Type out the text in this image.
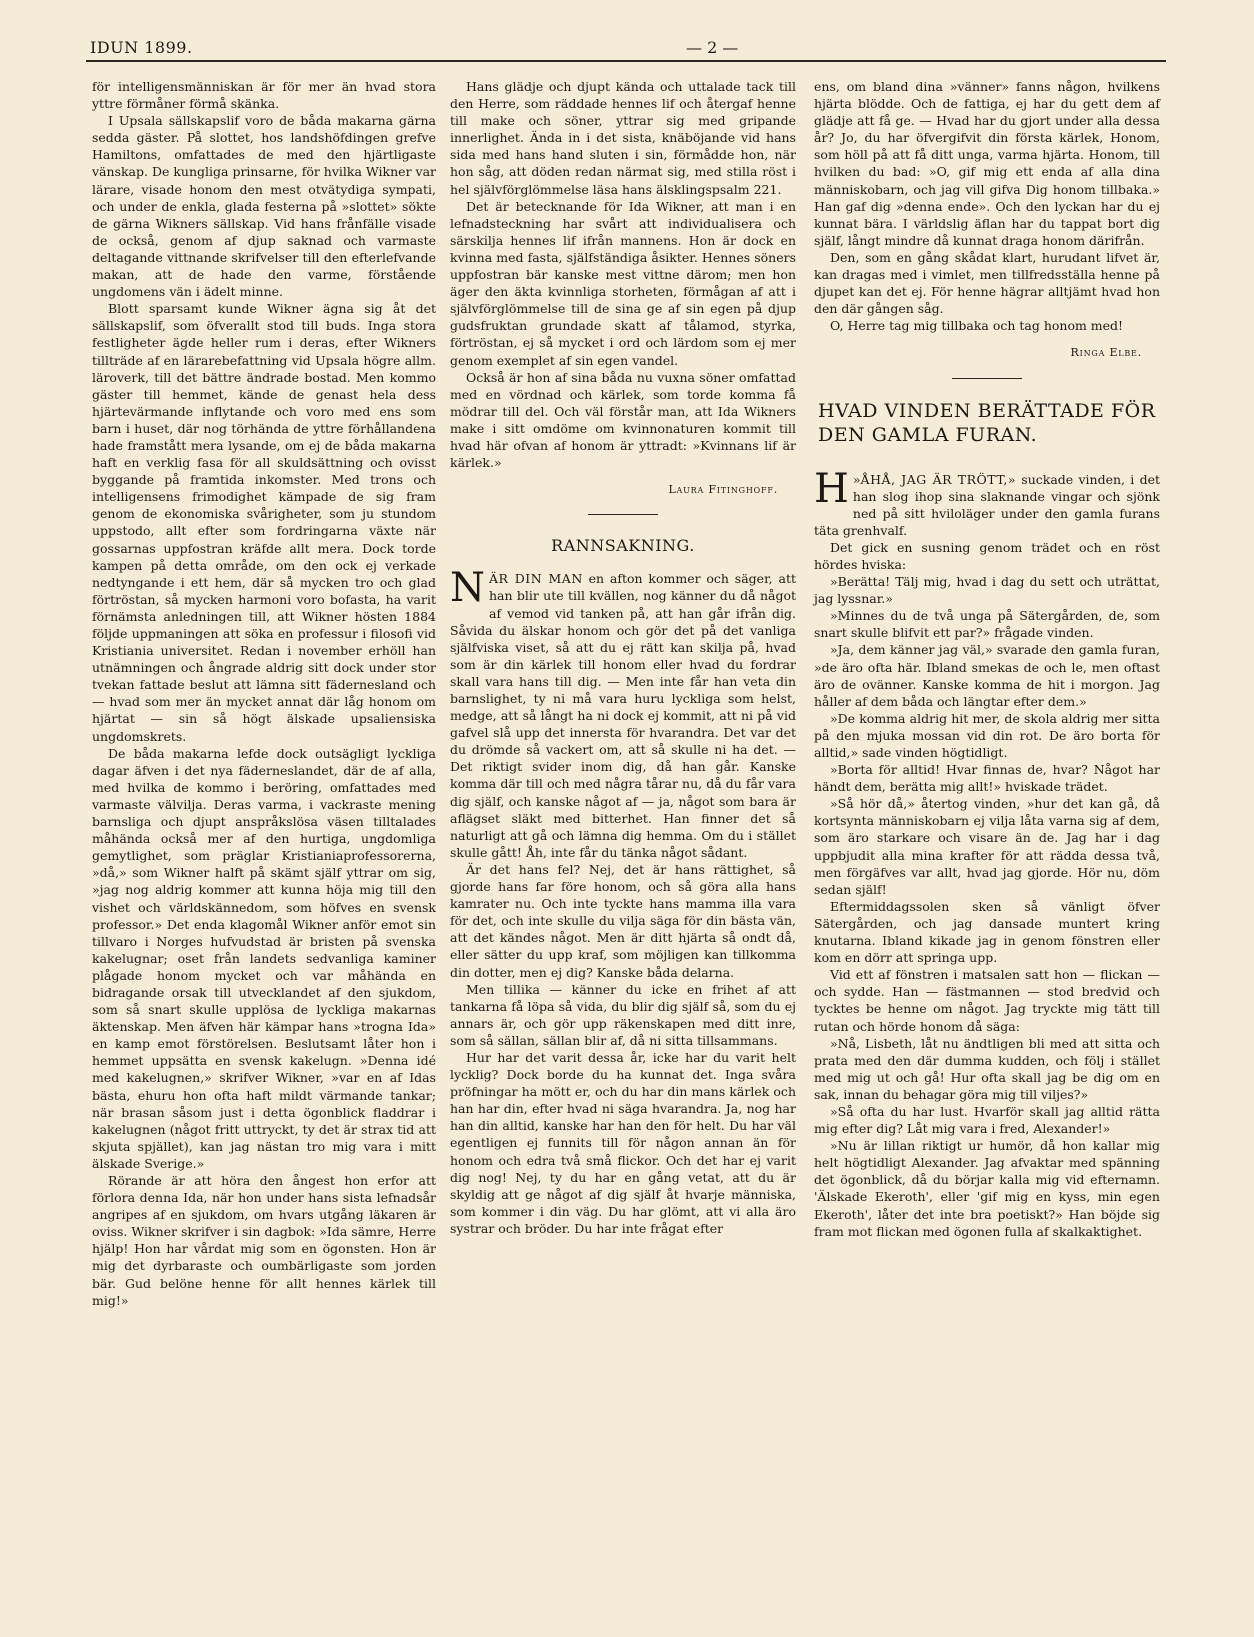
IDUN 1899.	— 2 —

för intelligensmänniskan är för mer än hvad stora yttre förmåner förmå skänka.

I Upsala sällskapslif voro de båda makarna gärna sedda gäster. På slottet, hos landshöfdingen grefve Hamiltons, omfattades de med den hjärtligaste vänskap. De kungliga prinsarne, för hvilka Wikner var lärare, visade honom den mest otvätydiga sympati, och under de enkla, glada festerna på »slottet» sökte de gärna Wikners sällskap. Vid hans frånfälle visade de också, genom af djup saknad och varmaste deltagande vittnande skrifvelser till den efterlefvande makan, att de hade den varme, förstående ungdomens vän i ädelt minne.

Blott sparsamt kunde Wikner ägna sig åt det sällskapslif, som öfverallt stod till buds. Inga stora festligheter ägde heller rum i deras, efter Wikners tillträde af en lärarebefattning vid Upsala högre allm. läroverk, till det bättre ändrade bostad. Men kommo gäster till hemmet, kände de genast hela dess hjärtevärmande inflytande och voro med ens som barn i huset, där nog törhända de yttre förhållandena hade framstått mera lysande, om ej de båda makarna haft en verklig fasa för all skuldsättning och ovisst byggande på framtida inkomster. Med trons och intelligensens frimodighet kämpade de sig fram genom de ekonomiska svårigheter, som ju stundom uppstodo, allt efter som fordringarna växte när gossarnas uppfostran kräfde allt mera. Dock torde kampen på detta område, om den ock ej verkade nedtyngande i ett hem, där så mycken tro och glad förtröstan, så mycken harmoni voro bofasta, ha varit förnämsta anledningen till, att Wikner hösten 1884 följde uppmaningen att söka en professur i filosofi vid Kristiania universitet. Redan i november erhöll han utnämningen och ångrade aldrig sitt dock under stor tvekan fattade beslut att lämna sitt fädernesland och — hvad som mer än mycket annat där låg honom om hjärtat — sin så högt älskade upsaliensiska ungdomskrets.

De båda makarna lefde dock outsägligt lyckliga dagar äfven i det nya fäderneslandet, där de af alla, med hvilka de kommo i beröring, omfattades med varmaste välvilja. Deras varma, i vackraste mening barnsliga och djupt anspråkslösa väsen tilltalades måhända också mer af den hurtiga, ungdomliga gemytlighet, som präglar Kristianiaprofessorerna, »då,» som Wikner halft på skämt själf yttrar om sig, »jag nog aldrig kommer att kunna höja mig till den vishet och världskännedom, som höfves en svensk professor.» Det enda klagomål Wikner anför emot sin tillvaro i Norges hufvudstad är bristen på svenska kakelugnar; oset från landets sedvanliga kaminer plågade honom mycket och var måhända en bidragande orsak till utvecklandet af den sjukdom, som så snart skulle upplösa de lyckliga makarnas äktenskap. Men äfven här kämpar hans »trogna Ida» en kamp emot förstörelsen. Beslutsamt låter hon i hemmet uppsätta en svensk kakelugn. »Denna idé med kakelugnen,» skrifver Wikner, »var en af Idas bästa, ehuru hon ofta haft mildt värmande tankar; när brasan såsom just i detta ögonblick fladdrar i kakelugnen (något fritt uttryckt, ty det är strax tid att skjuta spjället), kan jag nästan tro mig vara i mitt älskade Sverige.»

Rörande är att höra den ångest hon erfor att förlora denna Ida, när hon under hans sista lefnadsår angripes af en sjukdom, om hvars utgång läkaren är oviss. Wikner skrifver i sin dagbok: »Ida sämre, Herre hjälp! Hon har vårdat mig som en ögonsten. Hon är mig det dyrbaraste och oumbärligaste som jorden bär. Gud belöne henne för allt hennes kärlek till mig!»

Hans glädje och djupt kända och uttalade tack till den Herre, som räddade hennes lif och återgaf henne till make och söner, yttrar sig med gripande innerlighet. Ända in i det sista, knäböjande vid hans sida med hans hand sluten i sin, förmådde hon, när hon såg, att döden redan närmat sig, med stilla röst i hel självförglömmelse läsa hans älsklingspsalm 221.

Det är betecknande för Ida Wikner, att man i en lefnadsteckning har svårt att individualisera och särskilja hennes lif ifrån mannens. Hon är dock en kvinna med fasta, själfständiga åsikter. Hennes söners uppfostran bär kanske mest vittne därom; men hon äger den äkta kvinnliga storheten, förmågan af att i självförglömmelse till de sina ge af sin egen på djup gudsfruktan grundade skatt af tålamod, styrka, förtröstan, ej så mycket i ord och lärdom som ej mer genom exemplet af sin egen vandel.

Också är hon af sina båda nu vuxna söner omfattad med en vördnad och kärlek, som torde komma få mödrar till del. Och väl förstår man, att Ida Wikners make i sitt omdöme om kvinnonaturen kommit till hvad här ofvan af honom är yttradt: »Kvinnans lif är kärlek.»

Laura Fitinghoff.
RANNSAKNING.

NÄR DIN MAN en afton kommer och säger, att han blir ute till kvällen, nog känner du då något af vemod vid tanken på, att han går ifrån dig. Såvida du älskar honom och gör det på det vanliga själfviska viset, så att du ej rätt kan skilja på, hvad som är din kärlek till honom eller hvad du fordrar skall vara hans till dig. — Men inte får han veta din barnslighet, ty ni må vara huru lyckliga som helst, medge, att så långt ha ni dock ej kommit, att ni på vid gafvel slå upp det innersta för hvarandra. Det var det du drömde så vackert om, att så skulle ni ha det. — Det riktigt svider inom dig, då han går. Kanske komma där till och med några tårar nu, då du får vara dig själf, och kanske något af — ja, något som bara är aflägset släkt med bitterhet. Han finner det så naturligt att gå och lämna dig hemma. Om du i stället skulle gått! Åh, inte får du tänka något sådant.

Är det hans fel? Nej, det är hans rättighet, så gjorde hans far före honom, och så göra alla hans kamrater nu. Och inte tyckte hans mamma illa vara för det, och inte skulle du vilja säga för din bästa vän, att det kändes något. Men är ditt hjärta så ondt då, eller sätter du upp kraf, som möjligen kan tillkomma din dotter, men ej dig? Kanske båda delarna.

Men tillika — känner du icke en frihet af att tankarna få löpa så vida, du blir dig själf så, som du ej annars är, och gör upp räkenskapen med ditt inre, som så sällan, sällan blir af, då ni sitta tillsammans.

Hur har det varit dessa år, icke har du varit helt lycklig? Dock borde du ha kunnat det. Inga svåra pröfningar ha mött er, och du har din mans kärlek och han har din, efter hvad ni säga hvarandra. Ja, nog har han din alltid, kanske har han den för helt. Du har väl egentligen ej funnits till för någon annan än för honom och edra två små flickor. Och det har ej varit dig nog! Nej, ty du har en gång vetat, att du är skyldig att ge något af dig själf åt hvarje människa, som kommer i din väg. Du har glömt, att vi alla äro systrar och bröder. Du har inte frågat efter

ens, om bland dina »vänner» fanns någon, hvilkens hjärta blödde. Och de fattiga, ej har du gett dem af glädje att få ge. — Hvad har du gjort under alla dessa år? Jo, du har öfvergifvit din första kärlek, Honom, som höll på att få ditt unga, varma hjärta. Honom, till hvilken du bad: »O, gif mig ett enda af alla dina människobarn, och jag vill gifva Dig honom tillbaka.» Han gaf dig »denna ende». Och den lyckan har du ej kunnat bära. I världslig äflan har du tappat bort dig själf, långt mindre då kunnat draga honom därifrån.

Den, som en gång skådat klart, hurudant lifvet är, kan dragas med i vimlet, men tillfredsställa henne på djupet kan det ej. För henne hägrar alltjämt hvad hon den där gången såg.

O, Herre tag mig tillbaka och tag honom med!

Ringa Elbe.
HVAD VINDEN BERÄTTADE FÖR DEN GAMLA FURAN.

»
H ÅHÅ, JAG ÄR TRÖTT,» suckade vinden, i det han slog ihop sina slaknande vingar och sjönk ned på sitt hviloläger under den gamla furans täta grenhvalf.

Det gick en susning genom trädet och en röst hördes hviska:

»Berätta! Tälj mig, hvad i dag du sett och uträttat, jag lyssnar.»

»Minnes du de två unga på Sätergården, de, som snart skulle blifvit ett par?» frågade vinden.

»Ja, dem känner jag väl,» svarade den gamla furan, »de äro ofta här. Ibland smekas de och le, men oftast äro de ovänner. Kanske komma de hit i morgon. Jag håller af dem båda och längtar efter dem.»

»De komma aldrig hit mer, de skola aldrig mer sitta på den mjuka mossan vid din rot. De äro borta för alltid,» sade vinden högtidligt.

»Borta för alltid! Hvar finnas de, hvar? Något har händt dem, berätta mig allt!» hviskade trädet.

»Så hör då,» återtog vinden, »hur det kan gå, då kortsynta människobarn ej vilja låta varna sig af dem, som äro starkare och visare än de. Jag har i dag uppbjudit alla mina krafter för att rädda dessa två, men förgäfves var allt, hvad jag gjorde. Hör nu, döm sedan själf!

Eftermiddagssolen sken så vänligt öfver Sätergården, och jag dansade muntert kring knutarna. Ibland kikade jag in genom fönstren eller kom en dörr att springa upp.

Vid ett af fönstren i matsalen satt hon — flickan — och sydde. Han — fästmannen — stod bredvid och tycktes be henne om något. Jag tryckte mig tätt till rutan och hörde honom då säga:

»Nå, Lisbeth, låt nu ändtligen bli med att sitta och prata med den där dumma kudden, och följ i stället med mig ut och gå! Hur ofta skall jag be dig om en sak, innan du behagar göra mig till viljes?»

»Så ofta du har lust. Hvarför skall jag alltid rätta mig efter dig? Låt mig vara i fred, Alexander!»

»Nu är lillan riktigt ur humör, då hon kallar mig helt högtidligt Alexander. Jag afvaktar med spänning det ögonblick, då du börjar kalla mig vid efternamn. 'Älskade Ekeroth', eller 'gif mig en kyss, min egen Ekeroth', låter det inte bra poetiskt?» Han böjde sig fram mot flickan med ögonen fulla af skalkaktighet.
